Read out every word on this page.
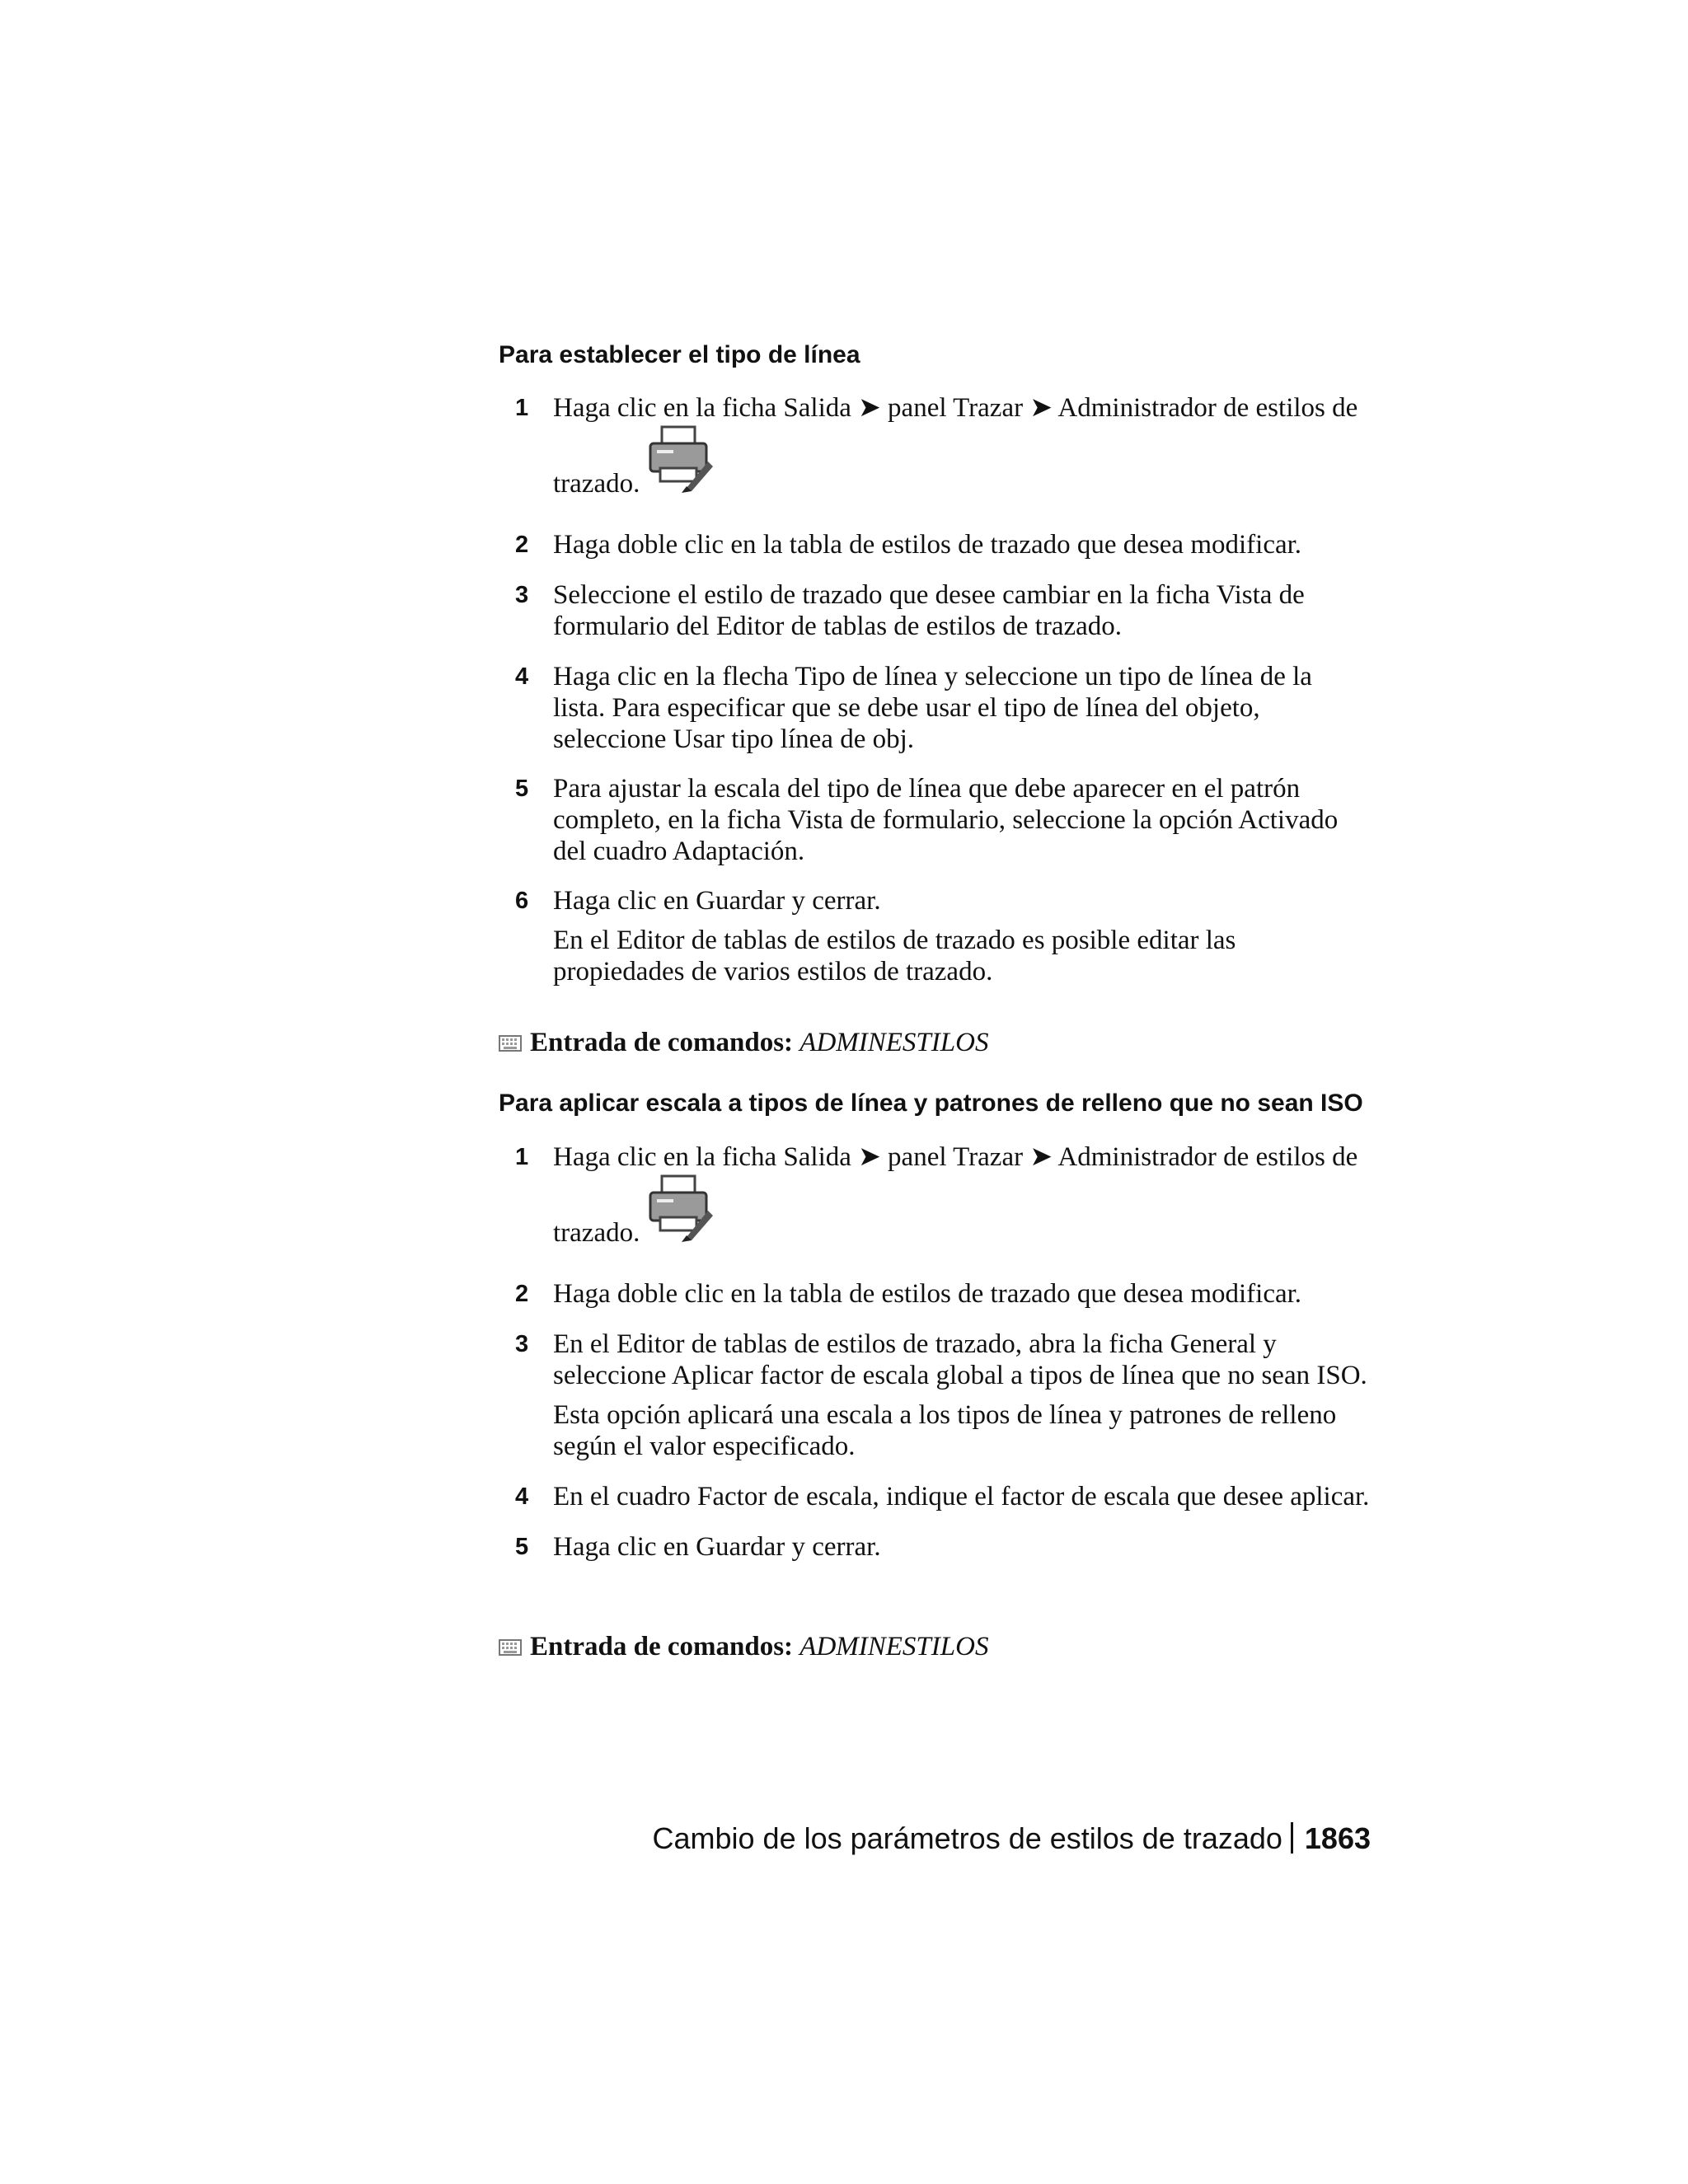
Para establecer el tipo de línea
1 Haga clic en la ficha Salida ➤ panel Trazar ➤ Administrador de estilos de
trazado.
2 Haga doble clic en la tabla de estilos de trazado que desea modificar.
3 Seleccione el estilo de trazado que desee cambiar en la ficha Vista de formulario del Editor de tablas de estilos de trazado.
4 Haga clic en la flecha Tipo de línea y seleccione un tipo de línea de la lista. Para especificar que se debe usar el tipo de línea del objeto, seleccione Usar tipo línea de obj.
5 Para ajustar la escala del tipo de línea que debe aparecer en el patrón completo, en la ficha Vista de formulario, seleccione la opción Activado del cuadro Adaptación.
6 Haga clic en Guardar y cerrar.
En el Editor de tablas de estilos de trazado es posible editar las propiedades de varios estilos de trazado.
Entrada de comandos: ADMINESTILOS
Para aplicar escala a tipos de línea y patrones de relleno que no sean ISO
1 Haga clic en la ficha Salida ➤ panel Trazar ➤ Administrador de estilos de
trazado.
2 Haga doble clic en la tabla de estilos de trazado que desea modificar.
3 En el Editor de tablas de estilos de trazado, abra la ficha General y seleccione Aplicar factor de escala global a tipos de línea que no sean ISO.
Esta opción aplicará una escala a los tipos de línea y patrones de relleno según el valor especificado.
4 En el cuadro Factor de escala, indique el factor de escala que desee aplicar.
5 Haga clic en Guardar y cerrar.
Entrada de comandos: ADMINESTILOS
Cambio de los parámetros de estilos de trazado 1863
